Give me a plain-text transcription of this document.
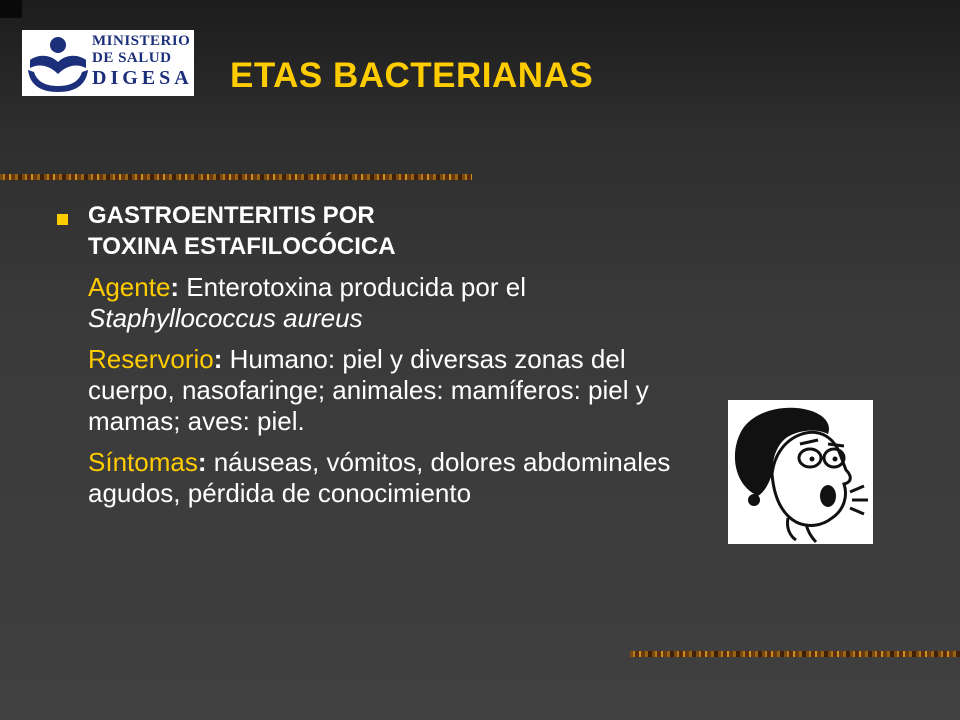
MINISTERIO
DE SALUD
DIGESA ETAS BACTERIANAS

GASTROENTERITIS POR
TOXINA ESTAFILOCÓCICA

Agente: Enterotoxina producida por el Staphyllococcus aureus

Reservorio: Humano: piel y diversas zonas del cuerpo, nasofaringe; animales: mamíferos: piel y mamas; aves: piel.

Síntomas: náuseas, vómitos, dolores abdominales agudos, pérdida de conocimiento
